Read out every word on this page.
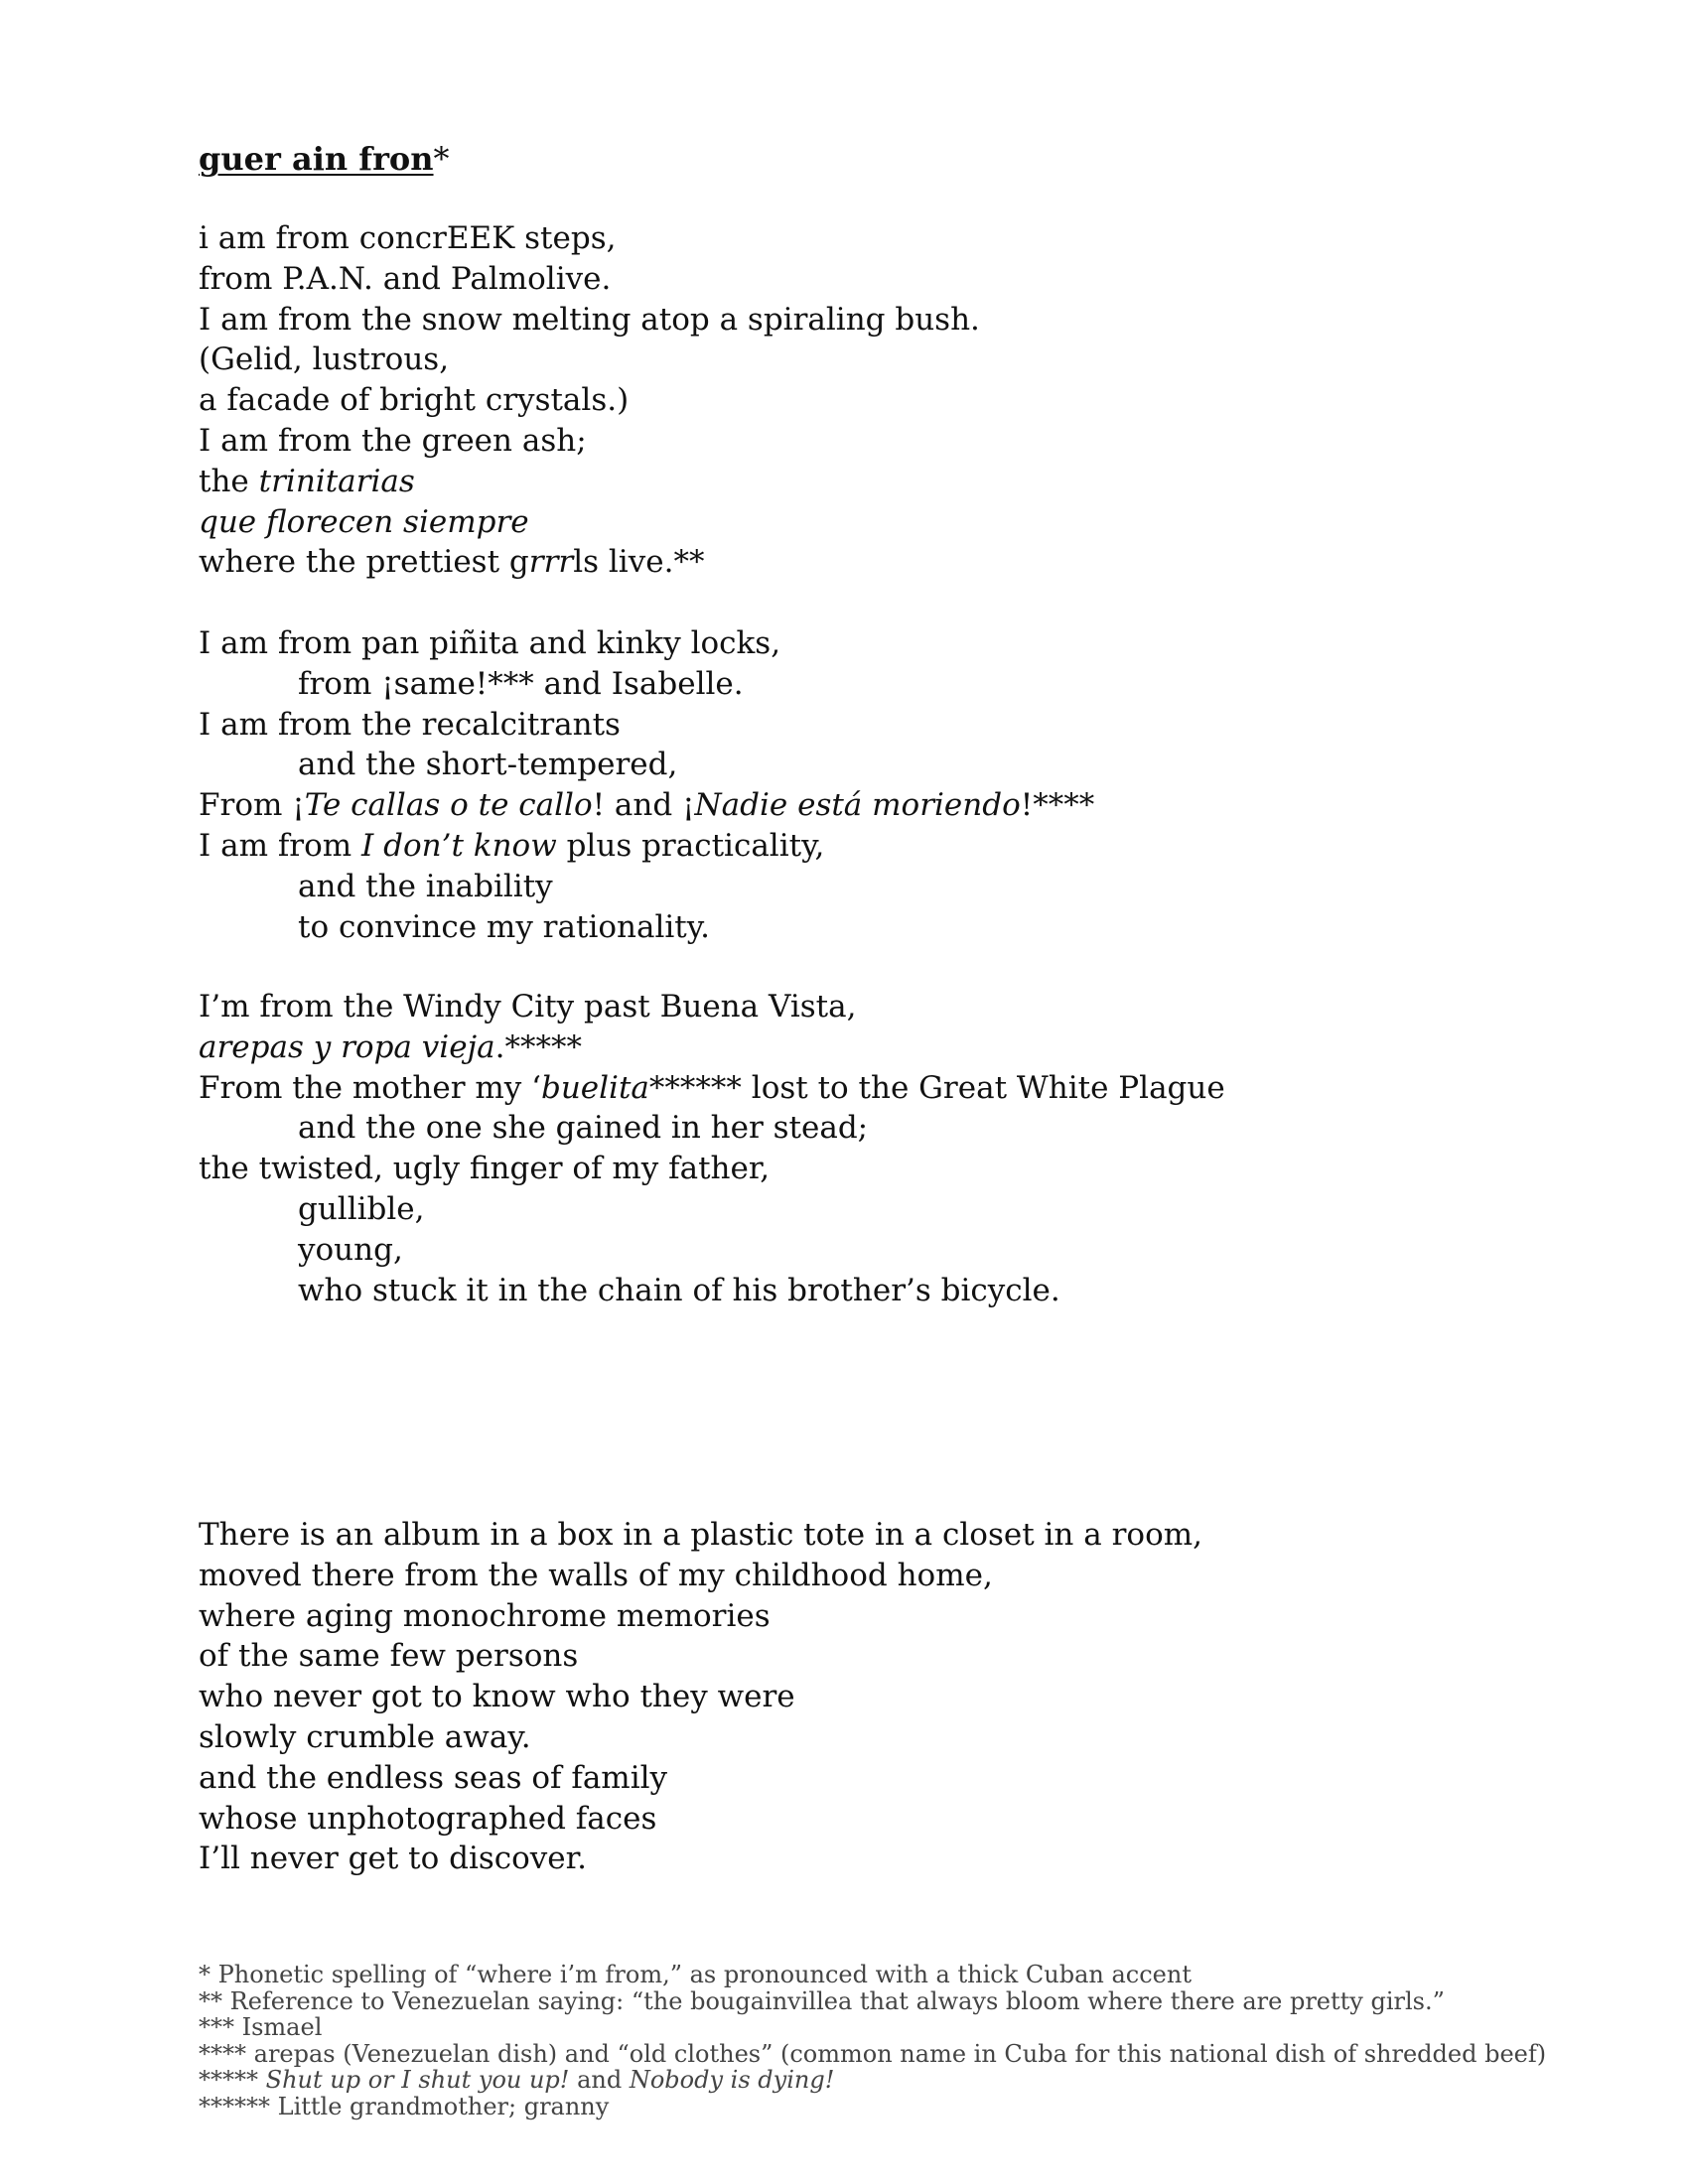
guer ain fron*
i am from concrEEK steps,
from P.A.N. and Palmolive.
I am from the snow melting atop a spiraling bush.
(Gelid, lustrous,
a facade of bright crystals.)
I am from the green ash;
the trinitarias
que florecen siempre
where the prettiest grrrls live.**
I am from pan piñita and kinky locks,
from ¡same!*** and Isabelle.
I am from the recalcitrants
and the short-tempered,
From ¡Te callas o te callo! and ¡Nadie está moriendo!****
I am from I don’t know plus practicality,
and the inability
to convince my rationality.
I’m from the Windy City past Buena Vista,
arepas y ropa vieja.*****
From the mother my ‘buelita****** lost to the Great White Plague
and the one she gained in her stead;
the twisted, ugly finger of my father,
gullible,
young,
who stuck it in the chain of his brother’s bicycle.
There is an album in a box in a plastic tote in a closet in a room,
moved there from the walls of my childhood home,
where aging monochrome memories
of the same few persons
who never got to know who they were
slowly crumble away.
and the endless seas of family
whose unphotographed faces
I’ll never get to discover.
* Phonetic spelling of “where i’m from,” as pronounced with a thick Cuban accent
** Reference to Venezuelan saying: “the bougainvillea that always bloom where there are pretty girls.”
*** Ismael
**** arepas (Venezuelan dish) and “old clothes” (common name in Cuba for this national dish of shredded beef)
***** Shut up or I shut you up! and Nobody is dying!
****** Little grandmother; granny
